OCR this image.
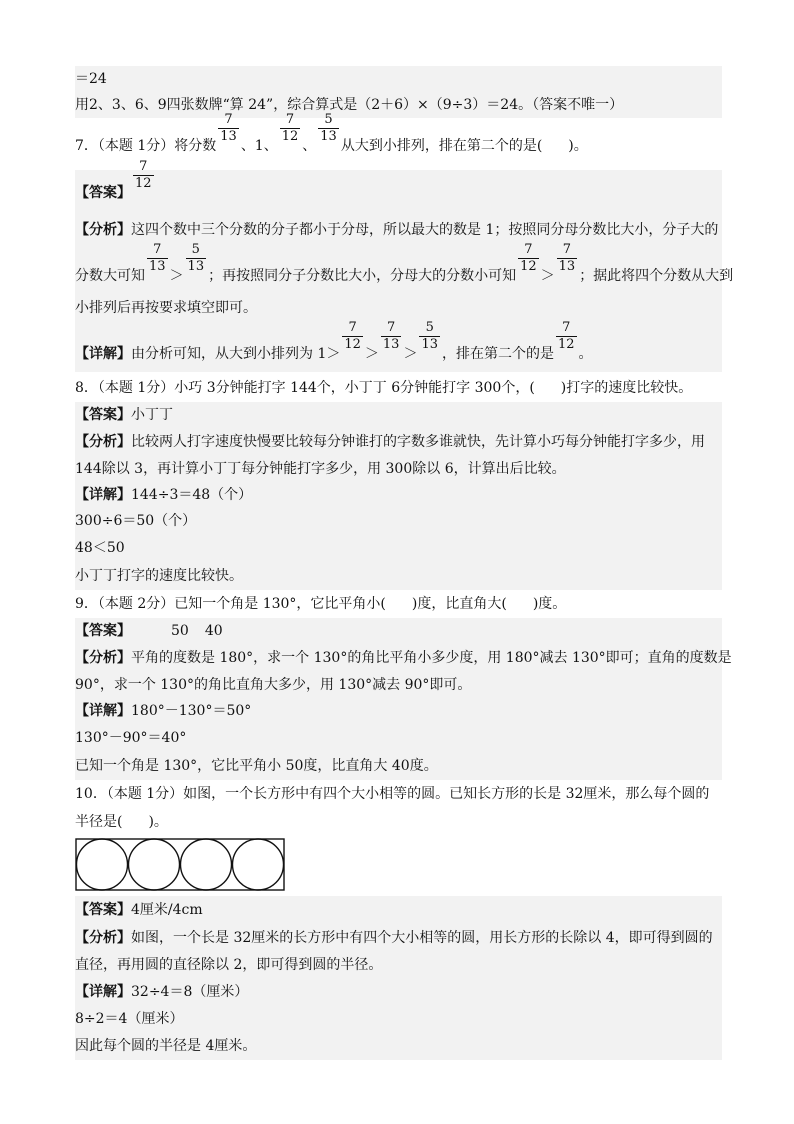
＝24
用2、3、6、9四张数牌“算 24”，综合算式是（2＋6）×（9÷3）＝24。（答案不唯一）
7．（本题 1分）将分数
$\frac{7}{13}$
、1、
$\frac{7}{12}$
、
$\frac{5}{13}$
从大到小排列，排在第二个的是( )。
【答案】
$\frac{7}{12}$
【分析】这四个数中三个分数的分子都小于分母，所以最大的数是 1；按照同分母分数比大小，分子大的
分数大可知
$\frac{7}{13}$
＞
$\frac{5}{13}$
；再按照同分子分数比大小，分母大的分数小可知
$\frac{7}{12}$
＞
$\frac{7}{13}$
；据此将四个分数从大到
小排列后再按要求填空即可。
【详解】由分析可知，从大到小排列为 1＞
$\frac{7}{12}$
＞
$\frac{7}{13}$
＞
$\frac{5}{13}$
，排在第二个的是
$\frac{7}{12}$
。
8．（本题 1分）小巧 3分钟能打字 144个，小丁丁 6分钟能打字 300个，( )打字的速度比较快。
【答案】小丁丁
【分析】比较两人打字速度快慢要比较每分钟谁打的字数多谁就快，先计算小巧每分钟能打字多少，用
144除以 3，再计算小丁丁每分钟能打字多少，用 300除以 6，计算出后比较。
【详解】144÷3＝48（个）
300÷6＝50（个）
48＜50
小丁丁打字的速度比较快。
9．（本题 2分）已知一个角是 130°，它比平角小( )度，比直角大( )度。
【答案】	50 40
【分析】平角的度数是 180°，求一个 130°的角比平角小多少度，用 180°减去 130°即可；直角的度数是
90°，求一个 130°的角比直角大多少，用 130°减去 90°即可。
【详解】180°－130°＝50°
130°－90°＝40°
已知一个角是 130°，它比平角小 50度，比直角大 40度。
10．（本题 1分）如图，一个长方形中有四个大小相等的圆。已知长方形的长是 32厘米，那么每个圆的
半径是( )。
【答案】4厘米/4cm
【分析】如图，一个长是 32厘米的长方形中有四个大小相等的圆，用长方形的长除以 4，即可得到圆的
直径，再用圆的直径除以 2，即可得到圆的半径。
【详解】32÷4＝8（厘米）
8÷2＝4（厘米）
因此每个圆的半径是 4厘米。
